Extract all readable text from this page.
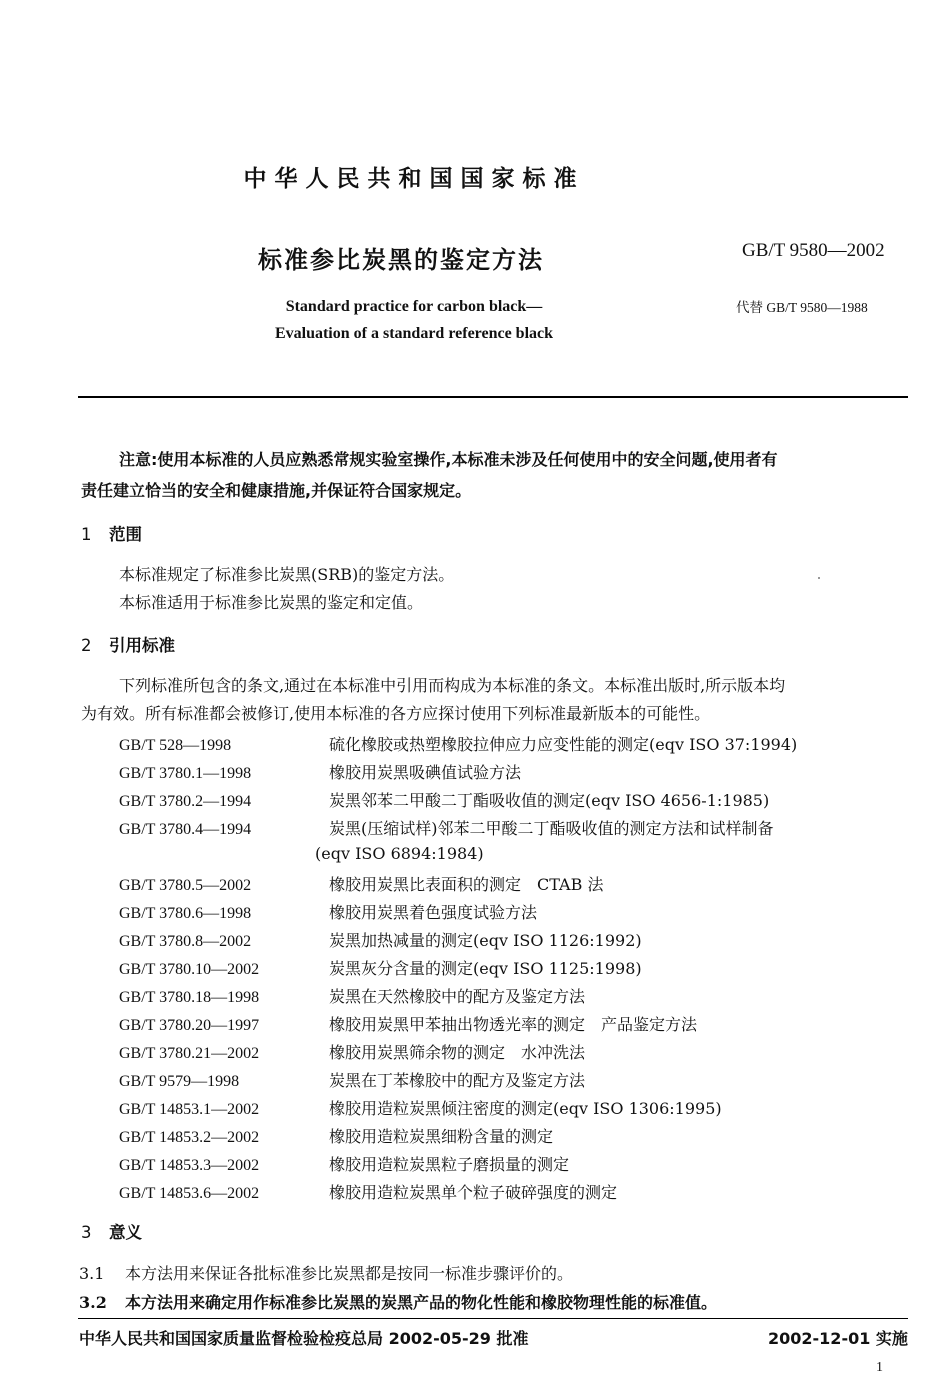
中华人民共和国国家标准
标准参比炭黑的鉴定方法	GB/T 9580—2002
Standard practice for carbon black—
Evaluation of a standard reference black
代替 GB/T 9580—1988
注意:使用本标准的人员应熟悉常规实验室操作,本标准未涉及任何使用中的安全问题,使用者有
责任建立恰当的安全和健康措施,并保证符合国家规定。
1 范围
本标准规定了标准参比炭黑(SRB)的鉴定方法。
本标准适用于标准参比炭黑的鉴定和定值。
2 引用标准
下列标准所包含的条文,通过在本标准中引用而构成为本标准的条文。本标准出版时,所示版本均
为有效。所有标准都会被修订,使用本标准的各方应探讨使用下列标准最新版本的可能性。
GB/T 528—1998	硫化橡胶或热塑橡胶拉伸应力应变性能的测定(eqv ISO 37:1994)
GB/T 3780.1—1998	橡胶用炭黑吸碘值试验方法
GB/T 3780.2—1994	炭黑邻苯二甲酸二丁酯吸收值的测定(eqv ISO 4656-1:1985)
GB/T 3780.4—1994	炭黑(压缩试样)邻苯二甲酸二丁酯吸收值的测定方法和试样制备
(eqv ISO 6894:1984)
GB/T 3780.5—2002	橡胶用炭黑比表面积的测定　CTAB 法
GB/T 3780.6—1998	橡胶用炭黑着色强度试验方法
GB/T 3780.8—2002	炭黑加热减量的测定(eqv ISO 1126:1992)
GB/T 3780.10—2002	炭黑灰分含量的测定(eqv ISO 1125:1998)
GB/T 3780.18—1998	炭黑在天然橡胶中的配方及鉴定方法
GB/T 3780.20—1997	橡胶用炭黑甲苯抽出物透光率的测定　产品鉴定方法
GB/T 3780.21—2002	橡胶用炭黑筛余物的测定　水冲洗法
GB/T 9579—1998	炭黑在丁苯橡胶中的配方及鉴定方法
GB/T 14853.1—2002	橡胶用造粒炭黑倾注密度的测定(eqv ISO 1306:1995)
GB/T 14853.2—2002	橡胶用造粒炭黑细粉含量的测定
GB/T 14853.3—2002	橡胶用造粒炭黑粒子磨损量的测定
GB/T 14853.6—2002	橡胶用造粒炭黑单个粒子破碎强度的测定
3 意义
3.1 本方法用来保证各批标准参比炭黑都是按同一标准步骤评价的。
3.2 本方法用来确定用作标准参比炭黑的炭黑产品的物化性能和橡胶物理性能的标准值。
中华人民共和国国家质量监督检验检疫总局 2002-05-29 批准	2002-12-01 实施
1
